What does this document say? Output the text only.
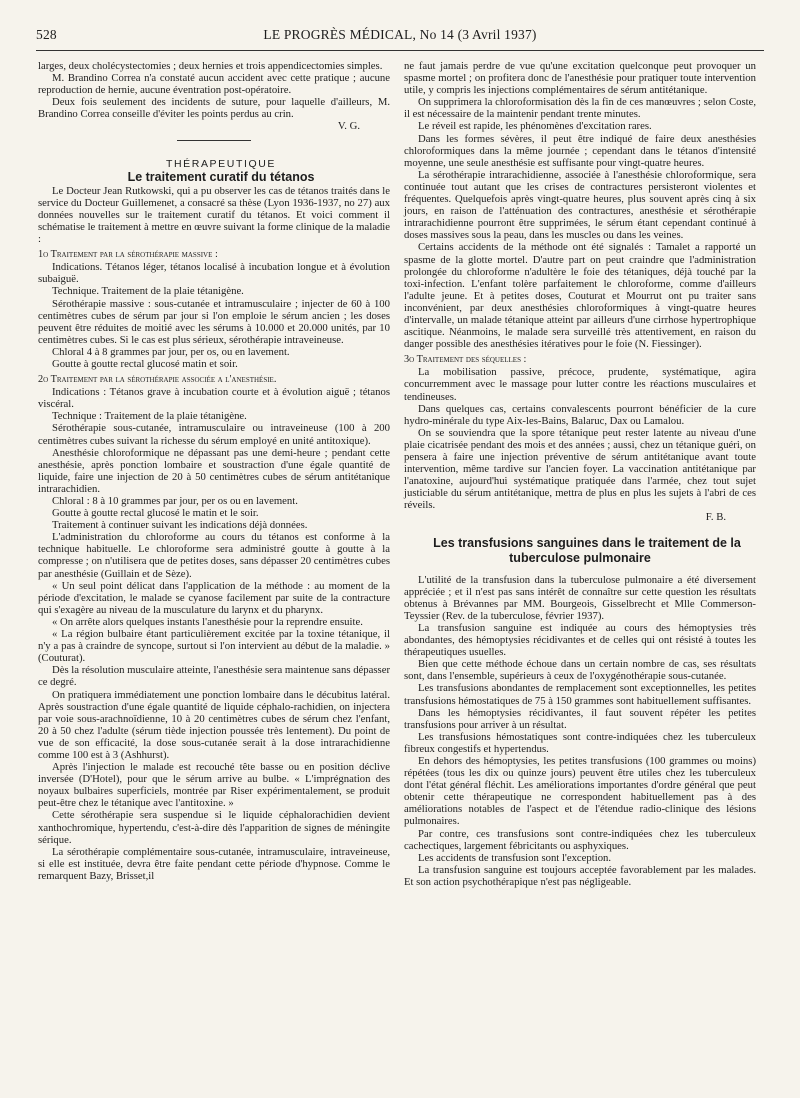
528	LE PROGRÈS MÉDICAL, No 14 (3 Avril 1937)

larges, deux cholécystectomies ; deux hernies et trois appendicectomies simples.

M. Brandino Correa n'a constaté aucun accident avec cette pratique ; aucune reproduction de hernie, aucune éventration post-opératoire.

Deux fois seulement des incidents de suture, pour laquelle d'ailleurs, M. Brandino Correa conseille d'éviter les points perdus au crin.

V. G.

THÉRAPEUTIQUE

Le traitement curatif du tétanos

Le Docteur Jean Rutkowski, qui a pu observer les cas de tétanos traités dans le service du Docteur Guillemenet, a consacré sa thèse (Lyon 1936-1937, no 27) aux données nouvelles sur le traitement curatif du tétanos. Et voici comment il schématise le traitement à mettre en œuvre suivant la forme clinique de la maladie :

1o Traitement par la sérothérapie massive :

Indications. Tétanos léger, tétanos localisé à incubation longue et à évolution subaiguë.

Technique. Traitement de la plaie tétanigène.

Sérothérapie massive : sous-cutanée et intramusculaire ; injecter de 60 à 100 centimètres cubes de sérum par jour si l'on emploie le sérum ancien ; les doses peuvent être réduites de moitié avec les sérums à 10.000 et 20.000 unités, par 10 centimètres cubes. Si le cas est plus sérieux, sérothérapie intraveineuse.

Chloral 4 à 8 grammes par jour, per os, ou en lavement.

Goutte à goutte rectal glucosé matin et soir.

2o Traitement par la sérothérapie associée a l'anesthésie.

Indications : Tétanos grave à incubation courte et à évolution aiguë ; tétanos viscéral.

Technique : Traitement de la plaie tétanigène.

Sérothérapie sous-cutanée, intramusculaire ou intraveineuse (100 à 200 centimètres cubes suivant la richesse du sérum employé en unité antitoxique).

Anesthésie chloroformique ne dépassant pas une demi-heure ; pendant cette anesthésie, après ponction lombaire et soustraction d'une égale quantité de liquide, faire une injection de 20 à 50 centimètres cubes de sérum antitétanique intrarachidien.

Chloral : 8 à 10 grammes par jour, per os ou en lavement.

Goutte à goutte rectal glucosé le matin et le soir.

Traitement à continuer suivant les indications déjà données.

L'administration du chloroforme au cours du tétanos est conforme à la technique habituelle. Le chloroforme sera administré goutte à goutte à la compresse ; on n'utilisera que de petites doses, sans dépasser 20 centimètres cubes par anesthésie (Guillain et de Sèze).

« Un seul point délicat dans l'application de la méthode : au moment de la période d'excitation, le malade se cyanose facilement par suite de la contracture qui s'exagère au niveau de la musculature du larynx et du pharynx.

« On arrête alors quelques instants l'anesthésie pour la reprendre ensuite.

« La région bulbaire étant particulièrement excitée par la toxine tétanique, il n'y a pas à craindre de syncope, surtout si l'on intervient au début de la maladie. » (Couturat).

Dès la résolution musculaire atteinte, l'anesthésie sera maintenue sans dépasser ce degré.

On pratiquera immédiatement une ponction lombaire dans le décubitus latéral. Après soustraction d'une égale quantité de liquide céphalo-rachidien, on injectera par voie sous-arachnoïdienne, 10 à 20 centimètres cubes de sérum chez l'enfant, 20 à 50 chez l'adulte (sérum tiède injection poussée très lentement). Du point de vue de son efficacité, la dose sous-cutanée serait à la dose intrarachidienne comme 100 est à 3 (Ashhurst).

Après l'injection le malade est recouché tête basse ou en position déclive inversée (D'Hotel), pour que le sérum arrive au bulbe. « L'imprégnation des noyaux bulbaires superficiels, montrée par Riser expérimentalement, se produit peut-être chez le tétanique avec l'antitoxine. »

Cette sérothérapie sera suspendue si le liquide céphalorachidien devient xanthochromique, hypertendu, c'est-à-dire dès l'apparition de signes de méningite sérique.

La sérothérapie complémentaire sous-cutanée, intramusculaire, intraveineuse, si elle est instituée, devra être faite pendant cette période d'hypnose. Comme le remarquent Bazy, Brisset,il

ne faut jamais perdre de vue qu'une excitation quelconque peut provoquer un spasme mortel ; on profitera donc de l'anesthésie pour pratiquer toute intervention utile, y compris les injections complémentaires de sérum antitétanique.

On supprimera la chloroformisation dès la fin de ces manœuvres ; selon Coste, il est nécessaire de la maintenir pendant trente minutes.

Le réveil est rapide, les phénomènes d'excitation rares.

Dans les formes sévères, il peut être indiqué de faire deux anesthésies chloroformiques dans la même journée ; cependant dans le tétanos d'intensité moyenne, une seule anesthésie est suffisante pour vingt-quatre heures.

La sérothérapie intrarachidienne, associée à l'anesthésie chloroformique, sera continuée tout autant que les crises de contractures persisteront violentes et fréquentes. Quelquefois après vingt-quatre heures, plus souvent après cinq à six jours, en raison de l'atténuation des contractures, anesthésie et sérothérapie intrarachidienne pourront être supprimées, le sérum étant cependant continué à doses massives sous la peau, dans les muscles ou dans les veines.

Certains accidents de la méthode ont été signalés : Tamalet a rapporté un spasme de la glotte mortel. D'autre part on peut craindre que l'administration prolongée du chloroforme n'adultère le foie des tétaniques, déjà touché par la toxi-infection. L'enfant tolère parfaitement le chloroforme, comme d'ailleurs l'adulte jeune. Et à petites doses, Couturat et Mourrut ont pu traiter sans inconvénient, par deux anesthésies chloroformiques à vingt-quatre heures d'intervalle, un malade tétanique atteint par ailleurs d'une cirrhose hypertrophique ascitique. Néanmoins, le malade sera surveillé très attentivement, en raison du danger possible des anesthésies itératives pour le foie (N. Fiessinger).

3o Traitement des séquelles :

La mobilisation passive, précoce, prudente, systématique, agira concurremment avec le massage pour lutter contre les réactions musculaires et tendineuses.

Dans quelques cas, certains convalescents pourront bénéficier de la cure hydro-minérale du type Aix-les-Bains, Balaruc, Dax ou Lamalou.

On se souviendra que la spore tétanique peut rester latente au niveau d'une plaie cicatrisée pendant des mois et des années ; aussi, chez un tétanique guéri, on pensera à faire une injection préventive de sérum antitétanique avant toute intervention, même tardive sur l'ancien foyer. La vaccination antitétanique par l'anatoxine, aujourd'hui systématique pratiquée dans l'armée, chez tout sujet justiciable du sérum antitétanique, mettra de plus en plus les sujets à l'abri de ces réveils.

F. B.

Les transfusions sanguines dans le traitement de la tuberculose pulmonaire

L'utilité de la transfusion dans la tuberculose pulmonaire a été diversement appréciée ; et il n'est pas sans intérêt de connaître sur cette question les résultats obtenus à Brévannes par MM. Bourgeois, Gisselbrecht et Mlle Commerson-Teyssier (Rev. de la tuberculose, février 1937).

La transfusion sanguine est indiquée au cours des hémoptysies très abondantes, des hémoptysies récidivantes et de celles qui ont résisté à toutes les thérapeutiques usuelles.

Bien que cette méthode échoue dans un certain nombre de cas, ses résultats sont, dans l'ensemble, supérieurs à ceux de l'oxygénothérapie sous-cutanée.

Les transfusions abondantes de remplacement sont exceptionnelles, les petites transfusions hémostatiques de 75 à 150 grammes sont habituellement suffisantes.

Dans les hémoptysies récidivantes, il faut souvent répéter les petites transfusions pour arriver à un résultat.

Les transfusions hémostatiques sont contre-indiquées chez les tuberculeux fibreux congestifs et hypertendus.

En dehors des hémoptysies, les petites transfusions (100 grammes ou moins) répétées (tous les dix ou quinze jours) peuvent être utiles chez les tuberculeux dont l'état général fléchit. Les améliorations importantes d'ordre général que peut obtenir cette thérapeutique ne correspondent habituellement pas à des améliorations notables de l'aspect et de l'étendue radio-clinique des lésions pulmonaires.

Par contre, ces transfusions sont contre-indiquées chez les tuberculeux cachectiques, largement fébricitants ou asphyxiques.

Les accidents de transfusion sont l'exception.

La transfusion sanguine est toujours acceptée favorablement par les malades. Et son action psychothérapique n'est pas négligeable.
